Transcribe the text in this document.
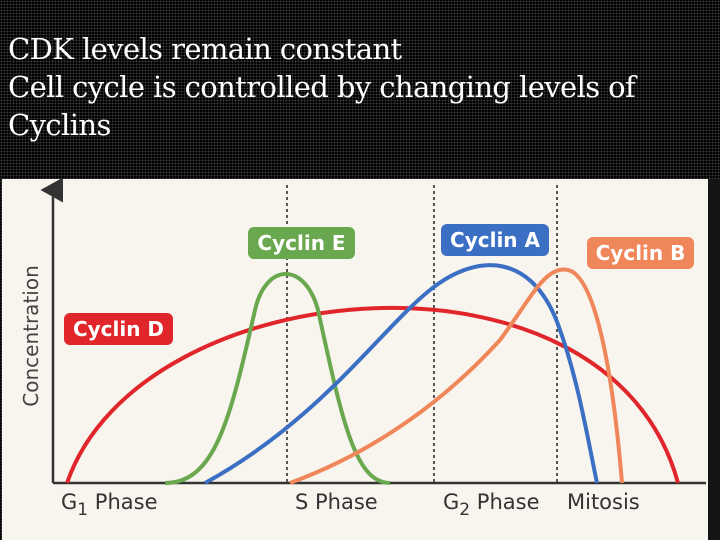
CDK levels remain constant
Cell cycle is controlled by changing levels of
Cyclins
Concentration Cyclin D
Cyclin E	Cyclin A
Cyclin B
$G_1$ Phase	S Phase	$G_2$ Phase Mitosis
